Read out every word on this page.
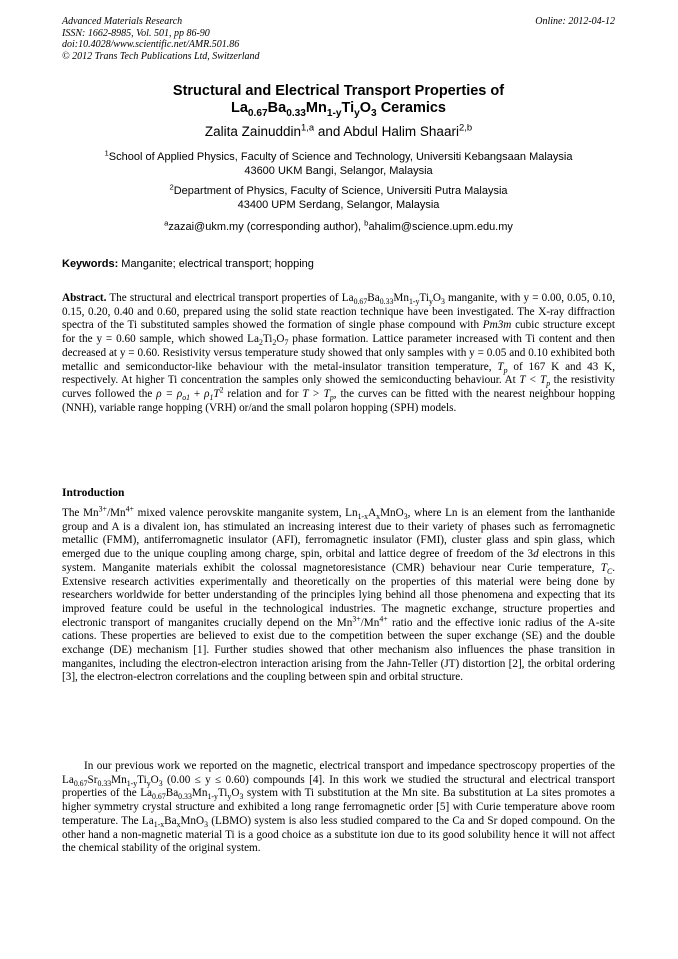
Advanced Materials Research
ISSN: 1662-8985, Vol. 501, pp 86-90
doi:10.4028/www.scientific.net/AMR.501.86
© 2012 Trans Tech Publications Ltd, Switzerland
Online: 2012-04-12
Structural and Electrical Transport Properties of
$La_{0.67}Ba_{0.33}Mn_{1-y}Ti_yO_3$ Ceramics
Zalita Zainuddin$^{1,a}$ and Abdul Halim Shaari$^{2,b}$
$^1$School of Applied Physics, Faculty of Science and Technology, Universiti Kebangsaan Malaysia
43600 UKM Bangi, Selangor, Malaysia
$^2$Department of Physics, Faculty of Science, Universiti Putra Malaysia
43400 UPM Serdang, Selangor, Malaysia
$^a$zazai@ukm.my (corresponding author), $^b$ahalim@science.upm.edu.my
Keywords: Manganite; electrical transport; hopping
Abstract. The structural and electrical transport properties of $La_{0.67}Ba_{0.33}Mn_{1-y}Ti_yO_3$ manganite, with y = 0.00, 0.05, 0.10, 0.15, 0.20, 0.40 and 0.60, prepared using the solid state reaction technique have been investigated. The X-ray diffraction spectra of the Ti substituted samples showed the formation of single phase compound with Pm3m cubic structure except for the y = 0.60 sample, which showed $La_2Ti_2O_7$ phase formation. Lattice parameter increased with Ti content and then decreased at y = 0.60. Resistivity versus temperature study showed that only samples with y = 0.05 and 0.10 exhibited both metallic and semiconductor-like behaviour with the metal-insulator transition temperature, $T_p$ of 167 K and 43 K, respectively. At higher Ti concentration the samples only showed the semiconducting behaviour. At $T < T_p$ the resistivity curves followed the $\rho = \rho_{o1} + \rho_1T^2$ relation and for $T > T_p$, the curves can be fitted with the nearest neighbour hopping (NNH), variable range hopping (VRH) or/and the small polaron hopping (SPH) models.
Introduction
The $Mn^{3+}/Mn^{4+}$ mixed valence perovskite manganite system, $Ln_{1-x}A_xMnO_3$, where Ln is an element from the lanthanide group and A is a divalent ion, has stimulated an increasing interest due to their variety of phases such as ferromagnetic metallic (FMM), antiferromagnetic insulator (AFI), ferromagnetic insulator (FMI), cluster glass and spin glass, which emerged due to the unique coupling among charge, spin, orbital and lattice degree of freedom of the 3d electrons in this system. Manganite materials exhibit the colossal magnetoresistance (CMR) behaviour near Curie temperature, $T_C$. Extensive research activities experimentally and theoretically on the properties of this material were being done by researchers worldwide for better understanding of the principles lying behind all those phenomena and expecting that its improved feature could be useful in the technological industries. The magnetic exchange, structure properties and electronic transport of manganites crucially depend on the $Mn^{3+}/Mn^{4+}$ ratio and the effective ionic radius of the A-site cations. These properties are believed to exist due to the competition between the super exchange (SE) and the double exchange (DE) mechanism [1]. Further studies showed that other mechanism also influences the phase transition in manganites, including the electron-electron interaction arising from the Jahn-Teller (JT) distortion [2], the orbital ordering [3], the electron-electron correlations and the coupling between spin and orbital structure.
In our previous work we reported on the magnetic, electrical transport and impedance spectroscopy properties of the $La_{0.67}Sr_{0.33}Mn_{1-y}Ti_yO_3$ (0.00 ≤ y ≤ 0.60) compounds [4]. In this work we studied the structural and electrical transport properties of the $La_{0.67}Ba_{0.33}Mn_{1-y}Ti_yO_3$ system with Ti substitution at the Mn site. Ba substitution at La sites promotes a higher symmetry crystal structure and exhibited a long range ferromagnetic order [5] with Curie temperature above room temperature. The $La_{1-x}Ba_xMnO_3$ (LBMO) system is also less studied compared to the Ca and Sr doped compound. On the other hand a non-magnetic material Ti is a good choice as a substitute ion due to its good solubility hence it will not affect the chemical stability of the original system.
